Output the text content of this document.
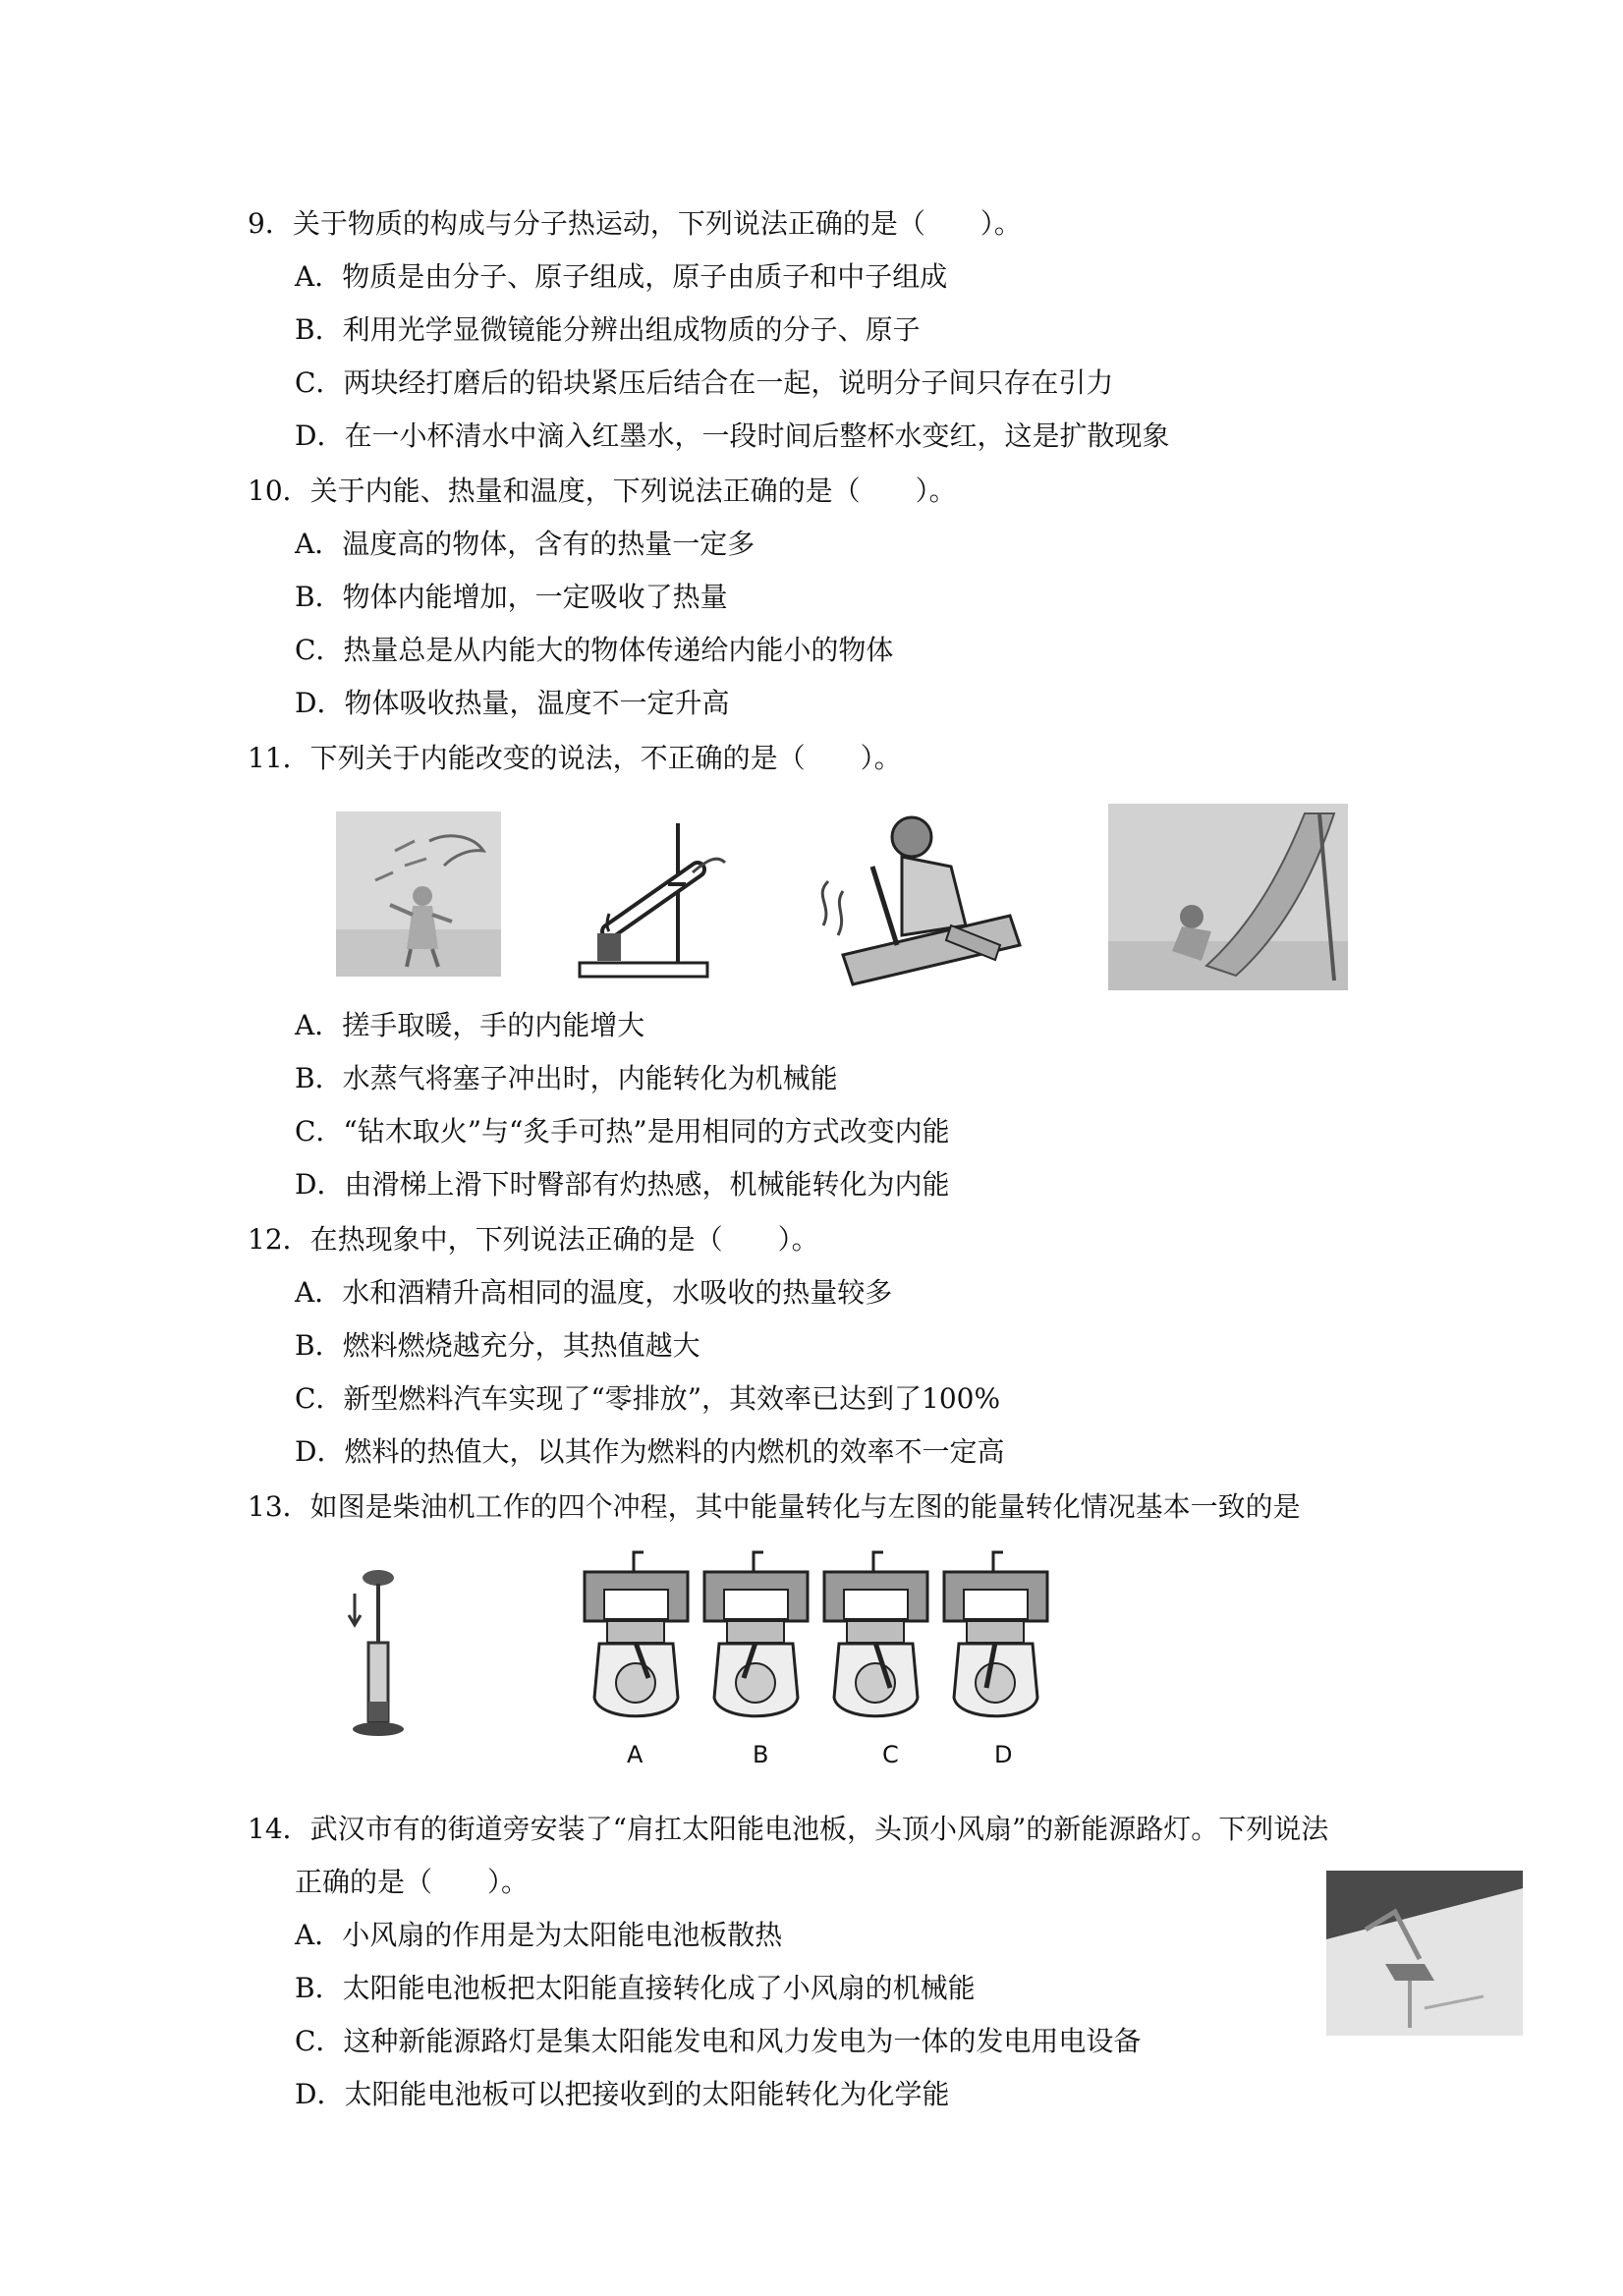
9．关于物质的构成与分子热运动，下列说法正确的是（　　）。
A．物质是由分子、原子组成，原子由质子和中子组成
B．利用光学显微镜能分辨出组成物质的分子、原子
C．两块经打磨后的铅块紧压后结合在一起，说明分子间只存在引力
D．在一小杯清水中滴入红墨水，一段时间后整杯水变红，这是扩散现象
10．关于内能、热量和温度，下列说法正确的是（　　）。
A．温度高的物体，含有的热量一定多
B．物体内能增加，一定吸收了热量
C．热量总是从内能大的物体传递给内能小的物体
D．物体吸收热量，温度不一定升高
11．下列关于内能改变的说法，不正确的是（　　）。
A．搓手取暖，手的内能增大
B．水蒸气将塞子冲出时，内能转化为机械能
C．“钻木取火”与“炙手可热”是用相同的方式改变内能
D．由滑梯上滑下时臀部有灼热感，机械能转化为内能
12．在热现象中，下列说法正确的是（　　）。
A．水和酒精升高相同的温度，水吸收的热量较多
B．燃料燃烧越充分，其热值越大
C．新型燃料汽车实现了“零排放”，其效率已达到了100%
D．燃料的热值大，以其作为燃料的内燃机的效率不一定高
13．如图是柴油机工作的四个冲程，其中能量转化与左图的能量转化情况基本一致的是
A	B	C	D
14．武汉市有的街道旁安装了“肩扛太阳能电池板，头顶小风扇”的新能源路灯。下列说法
正确的是（　　）。
A．小风扇的作用是为太阳能电池板散热
B．太阳能电池板把太阳能直接转化成了小风扇的机械能
C．这种新能源路灯是集太阳能发电和风力发电为一体的发电用电设备
D．太阳能电池板可以把接收到的太阳能转化为化学能
